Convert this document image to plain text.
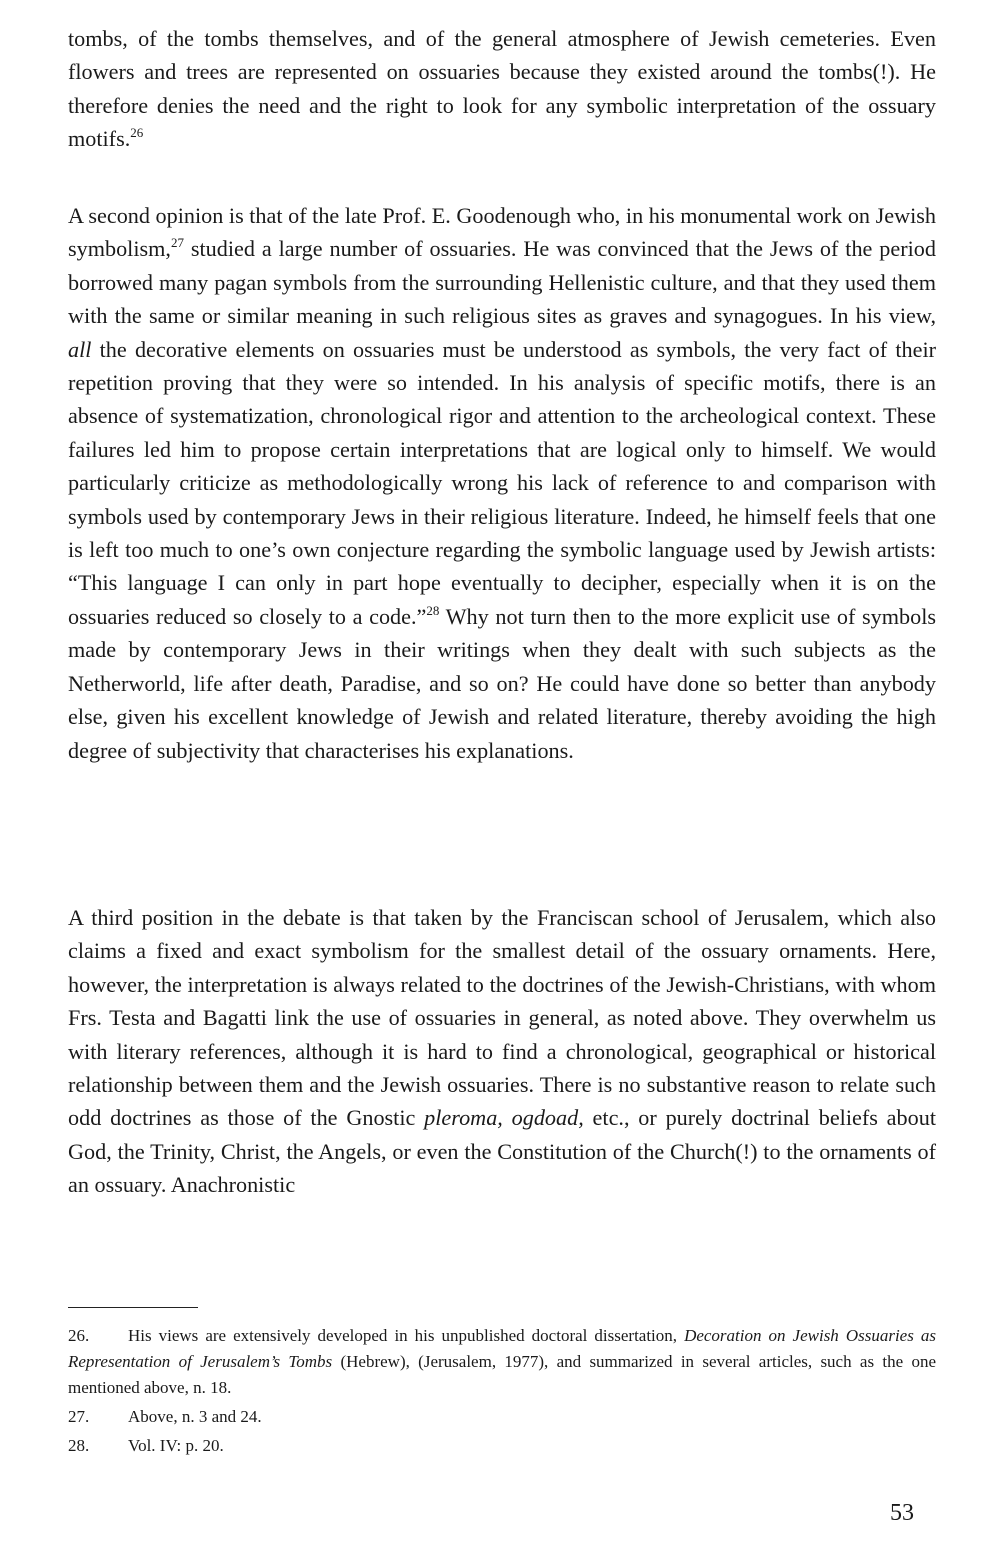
tombs, of the tombs themselves, and of the general atmosphere of Jewish cemeteries. Even flowers and trees are represented on ossuaries because they existed around the tombs(!). He therefore denies the need and the right to look for any symbolic interpretation of the ossuary motifs.$^{26}$

A second opinion is that of the late Prof. E. Goodenough who, in his monumental work on Jewish symbolism,$^{27}$ studied a large number of ossuaries. He was convinced that the Jews of the period borrowed many pagan symbols from the surrounding Hellenistic culture, and that they used them with the same or similar meaning in such religious sites as graves and synagogues. In his view, all the decorative elements on ossuaries must be understood as symbols, the very fact of their repetition proving that they were so intended. In his analysis of specific motifs, there is an absence of systematization, chronological rigor and attention to the archeological context. These failures led him to propose certain interpretations that are logical only to himself. We would particularly criticize as methodologically wrong his lack of reference to and comparison with symbols used by contemporary Jews in their religious literature. Indeed, he himself feels that one is left too much to one’s own conjecture regarding the symbolic language used by Jewish artists: “This language I can only in part hope eventually to decipher, especially when it is on the ossuaries reduced so closely to a code.”$^{28}$ Why not turn then to the more explicit use of symbols made by contemporary Jews in their writings when they dealt with such subjects as the Netherworld, life after death, Paradise, and so on? He could have done so better than anybody else, given his excellent knowledge of Jewish and related literature, thereby avoiding the high degree of subjectivity that characterises his explanations.

A third position in the debate is that taken by the Franciscan school of Jerusalem, which also claims a fixed and exact symbolism for the smallest detail of the ossuary ornaments. Here, however, the interpretation is always related to the doctrines of the Jewish-Christians, with whom Frs. Testa and Bagatti link the use of ossuaries in general, as noted above. They overwhelm us with literary references, although it is hard to find a chronological, geographical or historical relationship between them and the Jewish ossuaries. There is no substantive reason to relate such odd doctrines as those of the Gnostic pleroma, ogdoad, etc., or purely doctrinal beliefs about God, the Trinity, Christ, the Angels, or even the Constitution of the Church(!) to the ornaments of an ossuary. Anachronistic

26. His views are extensively developed in his unpublished doctoral dissertation, Decoration on Jewish Ossuaries as Representation of Jerusalem’s Tombs (Hebrew), (Jerusalem, 1977), and summarized in several articles, such as the one mentioned above, n. 18.

27. Above, n. 3 and 24.

28. Vol. IV: p. 20.

53
